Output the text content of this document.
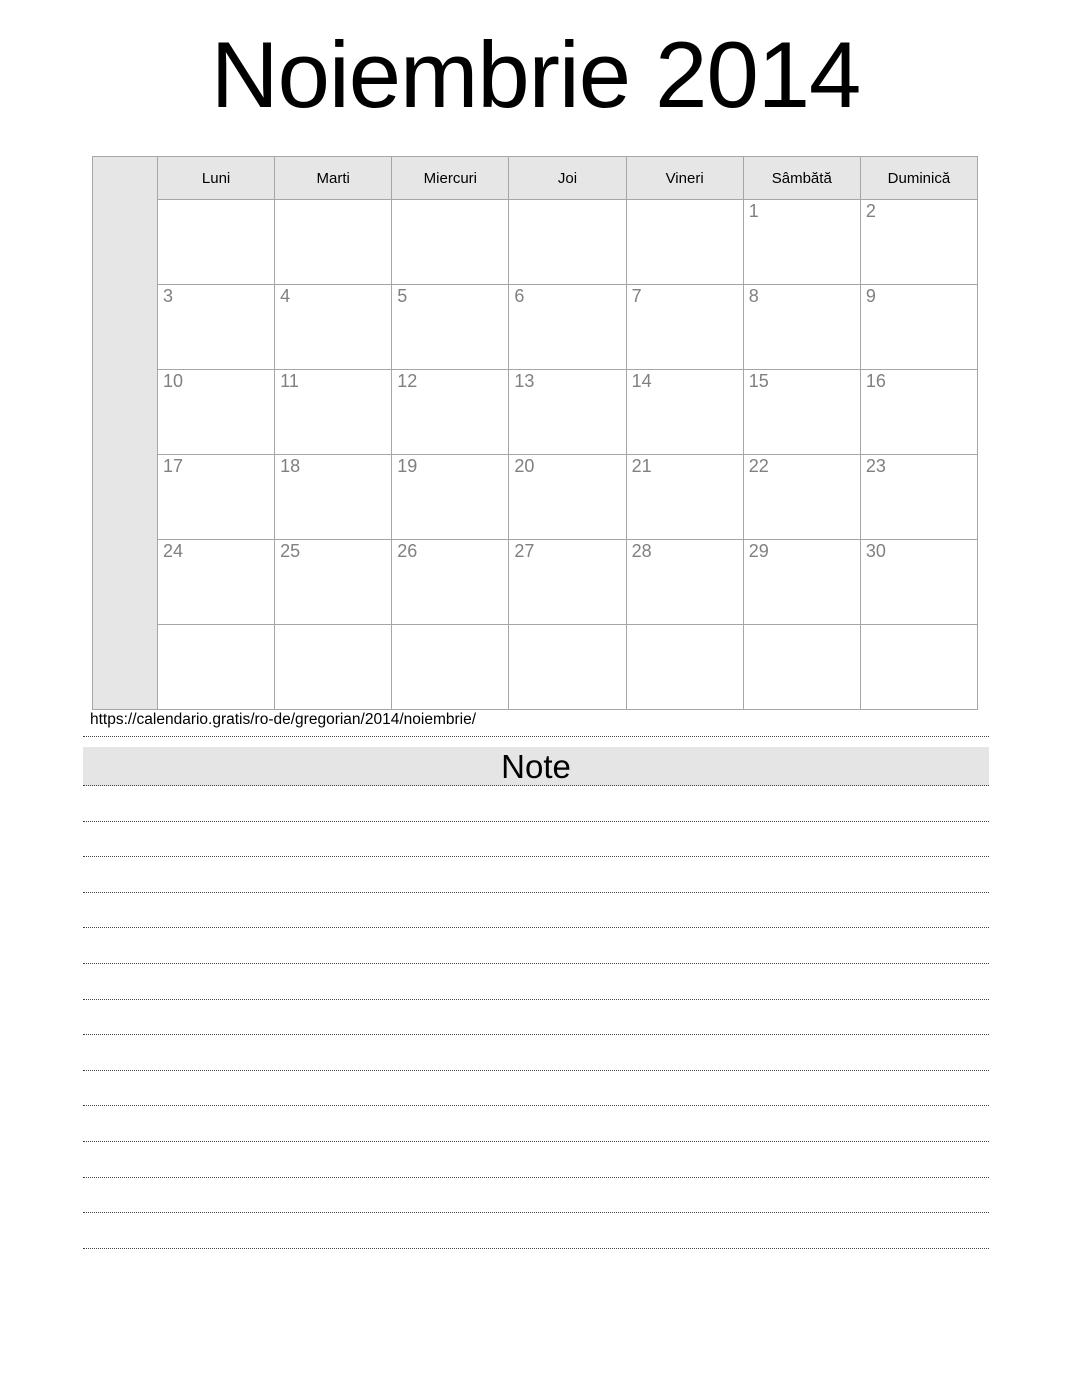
Noiembrie 2014
	Luni	Marti	Miercuri	Joi	Vineri	Sâmbătă	Duminică
						1	2
	3	4	5	6	7	8	9
	10	11	12	13	14	15	16
	17	18	19	20	21	22	23
	24	25	26	27	28	29	30

https://calendario.gratis/ro-de/gregorian/2014/noiembrie/
Note
